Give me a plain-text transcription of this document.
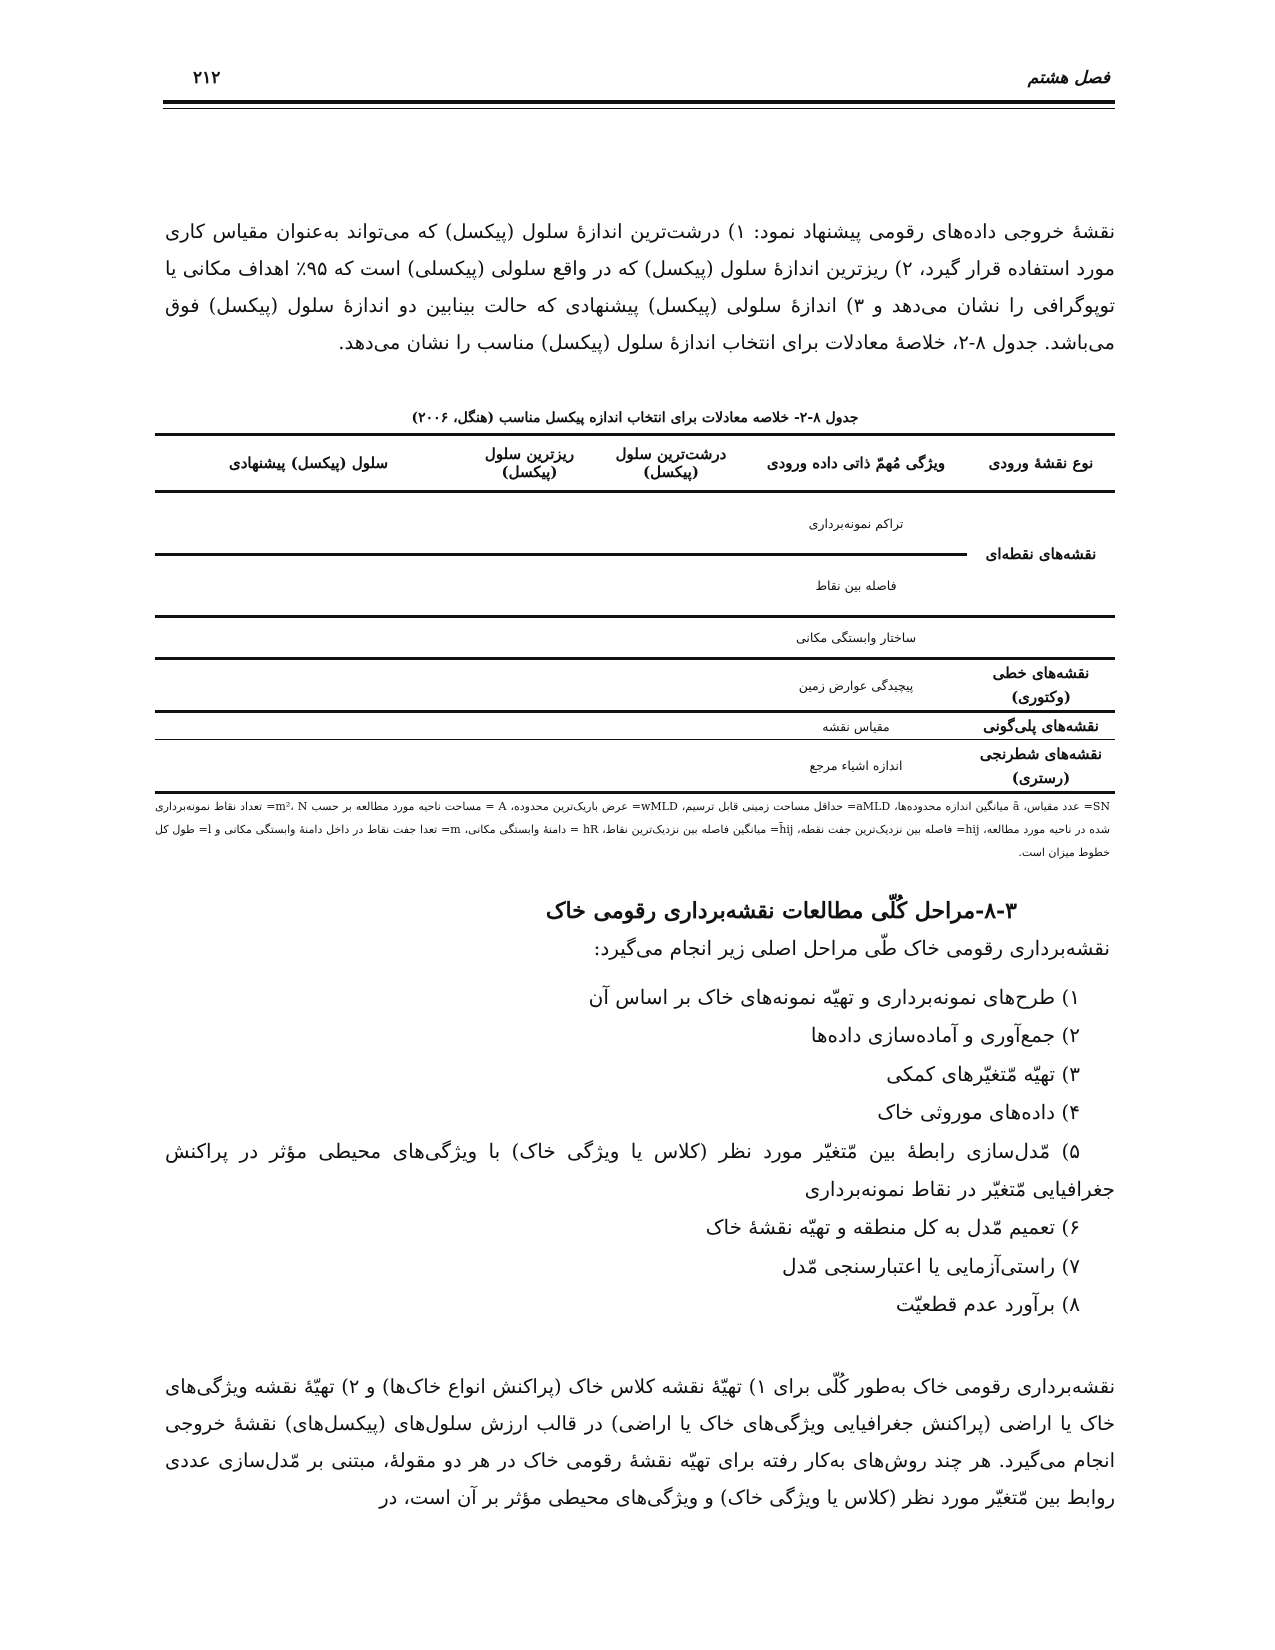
فصل هشتم
۲۱۲

نقشهٔ خروجی داده‌های رقومی پیشنهاد نمود: ۱) درشت‌ترین اندازهٔ سلول (پیکسل) که می‌تواند به‌عنوان مقیاس کاری مورد استفاده قرار گیرد، ۲) ریزترین اندازهٔ سلول (پیکسل) که در واقع سلولی (پیکسلی) است که ۹۵٪ اهداف مکانی یا توپوگرافی را نشان می‌دهد و ۳) اندازهٔ سلولی (پیکسل) پیشنهادی که حالت بینابین دو اندازهٔ سلول (پیکسل) فوق می‌باشد. جدول ۸-۲، خلاصهٔ معادلات برای انتخاب اندازهٔ سلول (پیکسل) مناسب را نشان می‌دهد.

جدول ۸-۲- خلاصه معادلات برای انتخاب اندازه پیکسل مناسب (هنگل، ۲۰۰۶)
نوع نقشهٔ ورودی	ویژگی مُهمّ ذاتی داده ورودی	درشت‌ترین سلول (پیکسل)	ریزترین سلول (پیکسل)	سلول (پیکسل) پیشنهادی
نقشه‌های نقطه‌ای	تراکم نمونه‌برداری			
	فاصله بین نقاط			
	ساختار وابستگی مکانی			
نقشه‌های خطی (وکتوری)	پیچیدگی عوارض زمین			
نقشه‌های پلی‌گونی	مقیاس نقشه			
نقشه‌های شطرنجی (رستری)	اندازه اشیاء مرجع			

SN= عدد مقیاس، ā میانگین اندازه محدوده‌ها، aMLD= حداقل مساحت زمینی قابل ترسیم، wMLD= عرض باریک‌ترین محدوده، A = مساحت ناحیه مورد مطالعه بر حسب m²، N= تعداد نقاط نمونه‌برداری شده در ناحیه مورد مطالعه، hij= فاصله بین نزدیک‌ترین جفت نقطه، h̄ij= میانگین فاصله بین نزدیک‌ترین نقاط، hR = دامنهٔ وابستگی مکانی، m= تعدا جفت نقاط در داخل دامنهٔ وابستگی مکانی و l= طول کل خطوط میزان است.

۸-۳-مراحل کُلّی مطالعات نقشه‌برداری رقومی خاک

نقشه‌برداری رقومی خاک طّی مراحل اصلی زیر انجام می‌گیرد:

۱) طرح‌های نمونه‌برداری و تهیّه نمونه‌های خاک بر اساس آن
۲) جمع‌آوری و آماده‌سازی داده‌ها
۳) تهیّه مّتغیّرهای کمکی
۴) داده‌های موروثی خاک
۵) مّدل‌سازی رابطهٔ بین مّتغیّر مورد نظر (کلاس یا ویژگی خاک) با ویژگی‌های محیطی مؤثر در پراکنش جغرافیایی مّتغیّر در نقاط نمونه‌برداری
۶) تعمیم مّدل به کل منطقه و تهیّه نقشهٔ خاک
۷) راستی‌آزمایی یا اعتبارسنجی مّدل
۸) برآورد عدم قطعیّت

نقشه‌برداری رقومی خاک به‌طور کُلّی برای ۱) تهیّهٔ نقشه کلاس خاک (پراکنش انواع خاک‌ها) و ۲) تهیّهٔ نقشه ویژگی‌های خاک یا اراضی (پراکنش جغرافیایی ویژگی‌های خاک یا اراضی) در قالب ارزش سلول‌های (پیکسل‌های) نقشهٔ خروجی انجام می‌گیرد. هر چند روش‌های به‌کار رفته برای تهیّه نقشهٔ رقومی خاک در هر دو مقولهٔ، مبتنی بر مّدل‌سازی عددی روابط بین مّتغیّر مورد نظر (کلاس یا ویژگی خاک) و ویژگی‌های محیطی مؤثر بر آن است، در
